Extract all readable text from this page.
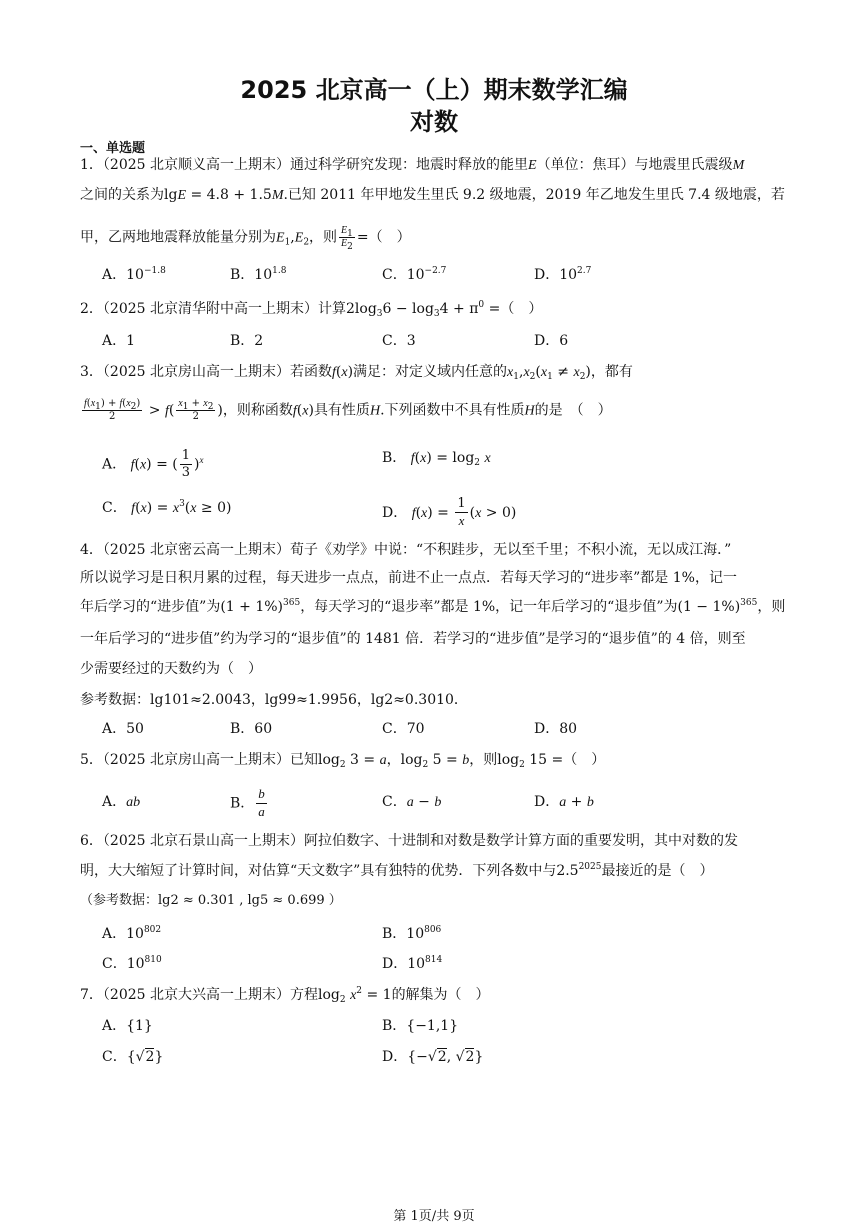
2025 北京高一（上）期末数学汇编
对数
一、单选题
1．（2025 北京顺义高一上期末）通过科学研究发现：地震时释放的能里E（单位：焦耳）与地震里氏震级M
之间的关系为lgE = 4.8 + 1.5M.已知 2011 年甲地发生里氏 9.2 级地震，2019 年乙地发生里氏 7.4 级地震，若
甲，乙两地地震释放能量分别为$E_1,E_2$，则 $\frac{E_1}{E_2}$ =（　）
A．$10^{-1.8}$	B．$10^{1.8}$	C．$10^{-2.7}$	D．$10^{2.7}$
2．（2025 北京清华附中高一上期末）计算$2\log_36 - \log_34 + \pi^0$ =（　）
A．1	B．2	C．3	D．6
3．（2025 北京房山高一上期末）若函数f(x)满足：对定义域内任意的$x_1,x_2(x_1 \ne x_2)$，都有
$\frac{f(x_1) + f(x_2)}{2} > f( \frac{x_1 + x_2}{2}$ )，则称函数f(x)具有性质H.下列函数中不具有性质H的是　（　）
A． f(x) = ( $\frac{1}{3} )^x$	B． $f(x) = \log_2 x$
C． $f(x) = x^3(x \ge 0)$	D． $f(x) = \frac{1}{x} (x > 0)$
4．（2025 北京密云高一上期末）荀子《劝学》中说：“不积跬步，无以至千里；不积小流，无以成江海．”
所以说学习是日积月累的过程，每天进步一点点，前进不止一点点．若每天学习的“进步率”都是 1%，记一
年后学习的“进步值”为$(1 + 1\%)^{365}$，每天学习的“退步率”都是 1%，记一年后学习的“退步值”为$(1 - 1\%)^{365}$，则
一年后学习的“进步值”约为学习的“退步值”的 1481 倍．若学习的“进步值”是学习的“退步值”的 4 倍，则至
少需要经过的天数约为（　）
参考数据：lg101≈2.0043，lg99≈1.9956，lg2≈0.3010．
A．50	B．60	C．70	D．80
5．（2025 北京房山高一上期末）已知$\log_2 3 = a$，$\log_2 5 = b$，则$\log_2 15$ =（　）
A．ab	B． $\frac{b}{a}$	C．a − b	D．a + b
6．（2025 北京石景山高一上期末）阿拉伯数字、十进制和对数是数学计算方面的重要发明，其中对数的发
明，大大缩短了计算时间，对估算“天文数字”具有独特的优势．下列各数中与$2.5^{2025}$最接近的是（　）
（参考数据：lg2 ≈ 0.301 , lg5 ≈ 0.699 ）
A．$10^{802}$	B．$10^{806}$
C．$10^{810}$	D．$10^{814}$
7．（2025 北京大兴高一上期末）方程$\log_2 x^2 = 1$的解集为（　）
A．{1}	B．{−1,1}
C．{√2}	D．{−√2, √2}
第 1页/共 9页
